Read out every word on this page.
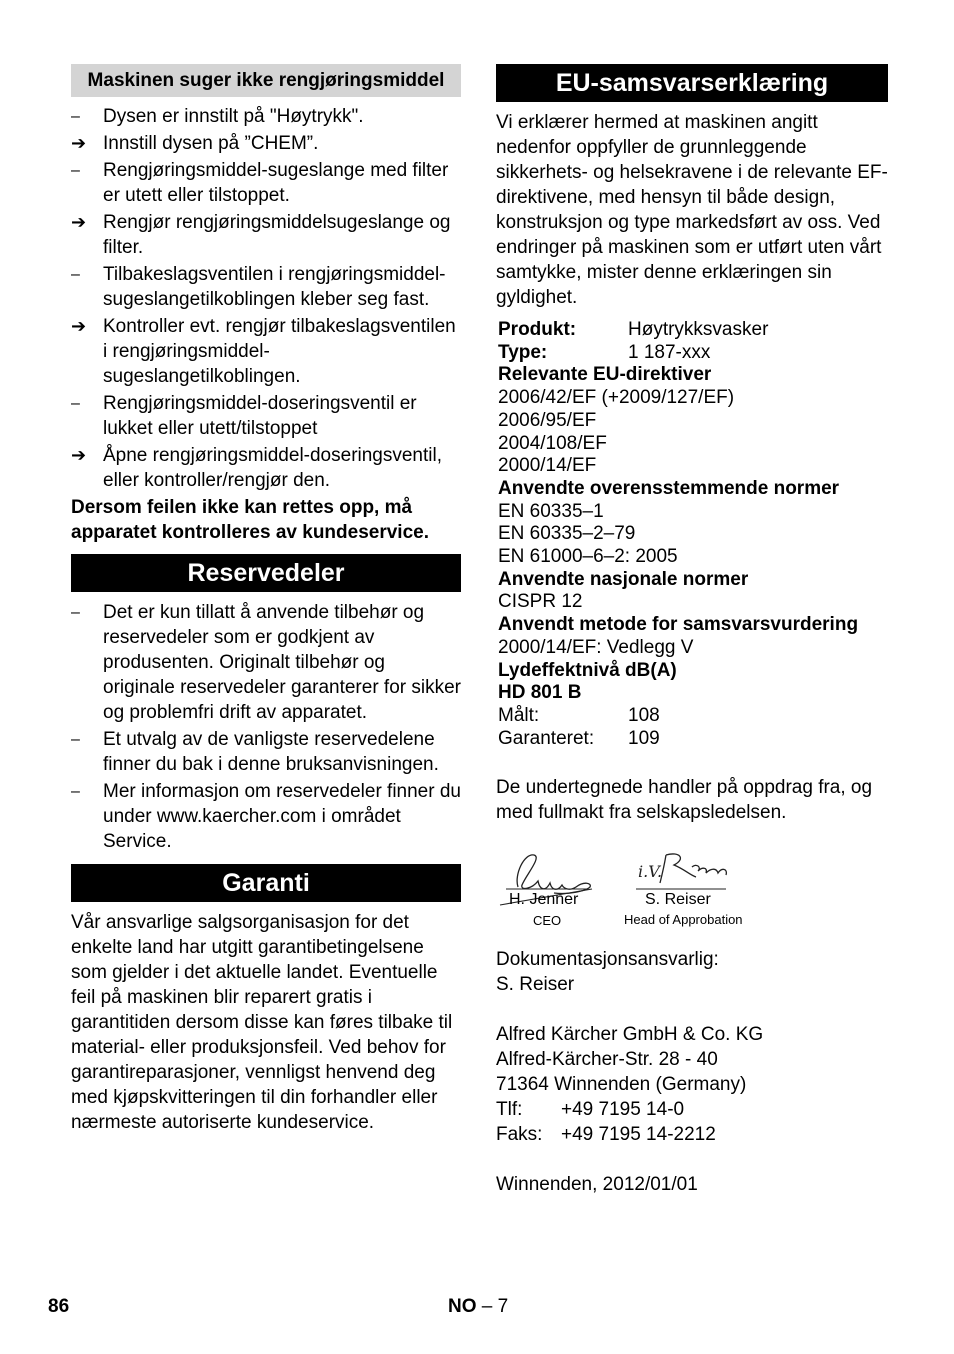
Maskinen suger ikke rengjøringsmiddel
–	Dysen er innstilt på "Høytrykk".
➔ Innstill dysen på ”CHEM”.
–	Rengjøringsmiddel-sugeslange med filter er utett eller tilstoppet.
➔ Rengjør rengjøringsmiddelsugeslange og filter.
–	Tilbakeslagsventilen i rengjøringsmiddel-sugeslangetilkoblingen kleber seg fast.
➔ Kontroller evt. rengjør tilbakeslagsventilen i rengjøringsmiddel-sugeslangetilkoblingen.
–	Rengjøringsmiddel-doseringsventil er lukket eller utett/tilstoppet
➔ Åpne rengjøringsmiddel-doseringsventil, eller kontroller/rengjør den.
Dersom feilen ikke kan rettes opp, må apparatet kontrolleres av kundeservice.
Reservedeler
–	Det er kun tillatt å anvende tilbehør og reservedeler som er godkjent av produsenten. Originalt tilbehør og originale reservedeler garanterer for sikker og problemfri drift av apparatet.
–	Et utvalg av de vanligste reservedelene finner du bak i denne bruksanvisningen.
–	Mer informasjon om reservedeler finner du under www.kaercher.com i området Service.
Garanti
Vår ansvarlige salgsorganisasjon for det enkelte land har utgitt garantibetingelsene som gjelder i det aktuelle landet. Eventuelle feil på maskinen blir reparert gratis i garantitiden dersom disse kan føres tilbake til material- eller produksjonsfeil. Ved behov for garantireparasjoner, vennligst henvend deg med kjøpskvitteringen til din forhandler eller nærmeste autoriserte kundeservice.
EU-samsvarserklæring
Vi erklærer hermed at maskinen angitt nedenfor oppfyller de grunnleggende sikkerhets- og helsekravene i de relevante EF-direktivene, med hensyn til både design, konstruksjon og type markedsført av oss. Ved endringer på maskinen som er utført uten vårt samtykke, mister denne erklæringen sin gyldighet.
Produkt:	Høytrykksvasker
Type:	1 187-xxx
Relevante EU-direktiver
2006/42/EF (+2009/127/EF)
2006/95/EF
2004/108/EF
2000/14/EF
Anvendte overensstemmende normer
EN 60335–1
EN 60335–2–79
EN 61000–6–2: 2005
Anvendte nasjonale normer
CISPR 12
Anvendt metode for samsvarsvurdering
2000/14/EF: Vedlegg V
Lydeffektnivå dB(A)
HD 801 B
Målt:	108
Garanteret:	109
De undertegnede handler på oppdrag fra, og med fullmakt fra selskapsledelsen.
i.V.
H. Jenner
CEO
S. Reiser
Head of Approbation
Dokumentasjonsansvarlig:
S. Reiser
Alfred Kärcher GmbH & Co. KG
Alfred-Kärcher-Str. 28 - 40
71364 Winnenden (Germany)
Tlf:	+49 7195 14-0
Faks: +49 7195 14-2212
Winnenden, 2012/01/01
86	NO – 7
